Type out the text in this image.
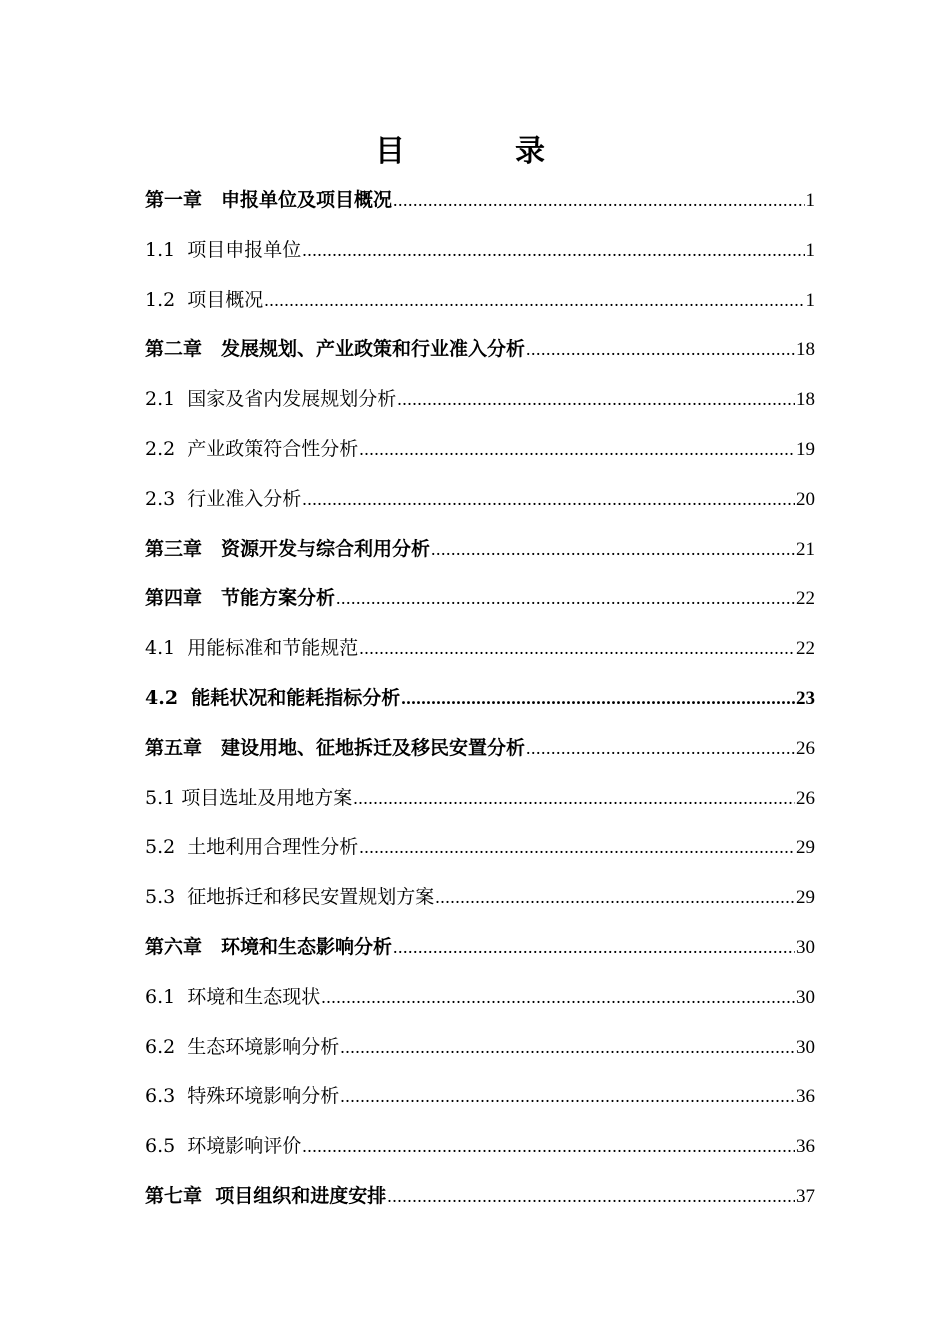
目　录
第一章　申报单位及项目概况 .....	1
1.1  项目申报单位 .....	1
1.2  项目概况 .....	1
第二章　发展规划、产业政策和行业准入分析 .....	18
2.1  国家及省内发展规划分析 .....	18
2.2  产业政策符合性分析 .....	19
2.3  行业准入分析 .....	20
第三章　资源开发与综合利用分析 .....	21
第四章　节能方案分析 .....	22
4.1  用能标准和节能规范 .....	22
4.2  能耗状况和能耗指标分析 .....	23
第五章　建设用地、征地拆迁及移民安置分析 .....	26
5.1 项目选址及用地方案 .....	26
5.2  土地利用合理性分析 .....	29
5.3  征地拆迁和移民安置规划方案 .....	29
第六章　环境和生态影响分析 .....	30
6.1  环境和生态现状 .....	30
6.2  生态环境影响分析 .....	30
6.3  特殊环境影响分析 .....	36
6.5  环境影响评价 .....	36
第七章  项目组织和进度安排 .....	37
